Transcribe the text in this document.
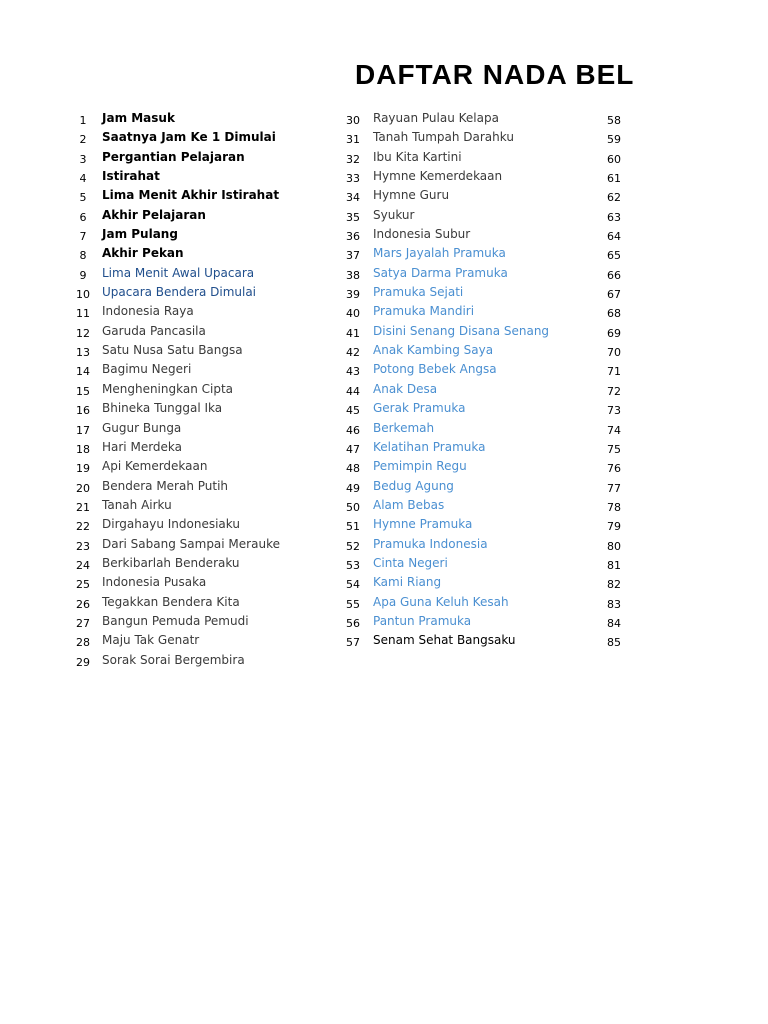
DAFTAR NADA BEL
1	Jam Masuk
2	Saatnya Jam Ke 1 Dimulai
3	Pergantian Pelajaran
4	Istirahat
5	Lima Menit Akhir Istirahat
6	Akhir Pelajaran
7	Jam Pulang
8	Akhir Pekan
9	Lima Menit Awal Upacara
10	Upacara Bendera Dimulai
11	Indonesia Raya
12	Garuda Pancasila
13	Satu Nusa Satu Bangsa
14	Bagimu Negeri
15	Mengheningkan Cipta
16	Bhineka Tunggal Ika
17	Gugur Bunga
18	Hari Merdeka
19	Api Kemerdekaan
20	Bendera Merah Putih
21	Tanah Airku
22	Dirgahayu Indonesiaku
23	Dari Sabang Sampai Merauke
24	Berkibarlah Benderaku
25	Indonesia Pusaka
26	Tegakkan Bendera Kita
27	Bangun Pemuda Pemudi
28	Maju Tak Genatr
29	Sorak Sorai Bergembira
30	Rayuan Pulau Kelapa
31	Tanah Tumpah Darahku
32	Ibu Kita Kartini
33	Hymne Kemerdekaan
34	Hymne Guru
35	Syukur
36	Indonesia Subur
37	Mars Jayalah Pramuka
38	Satya Darma Pramuka
39	Pramuka Sejati
40	Pramuka Mandiri
41	Disini Senang Disana Senang
42	Anak Kambing Saya
43	Potong Bebek Angsa
44	Anak Desa
45	Gerak Pramuka
46	Berkemah
47	Kelatihan Pramuka
48	Pemimpin Regu
49	Bedug Agung
50	Alam Bebas
51	Hymne Pramuka
52	Pramuka Indonesia
53	Cinta Negeri
54	Kami Riang
55	Apa Guna Keluh Kesah
56	Pantun Pramuka
57	Senam Sehat Bangsaku
58
59
60
61
62
63
64
65
66
67
68
69
70
71
72
73
74
75
76
77
78
79
80
81
82
83
84
85
